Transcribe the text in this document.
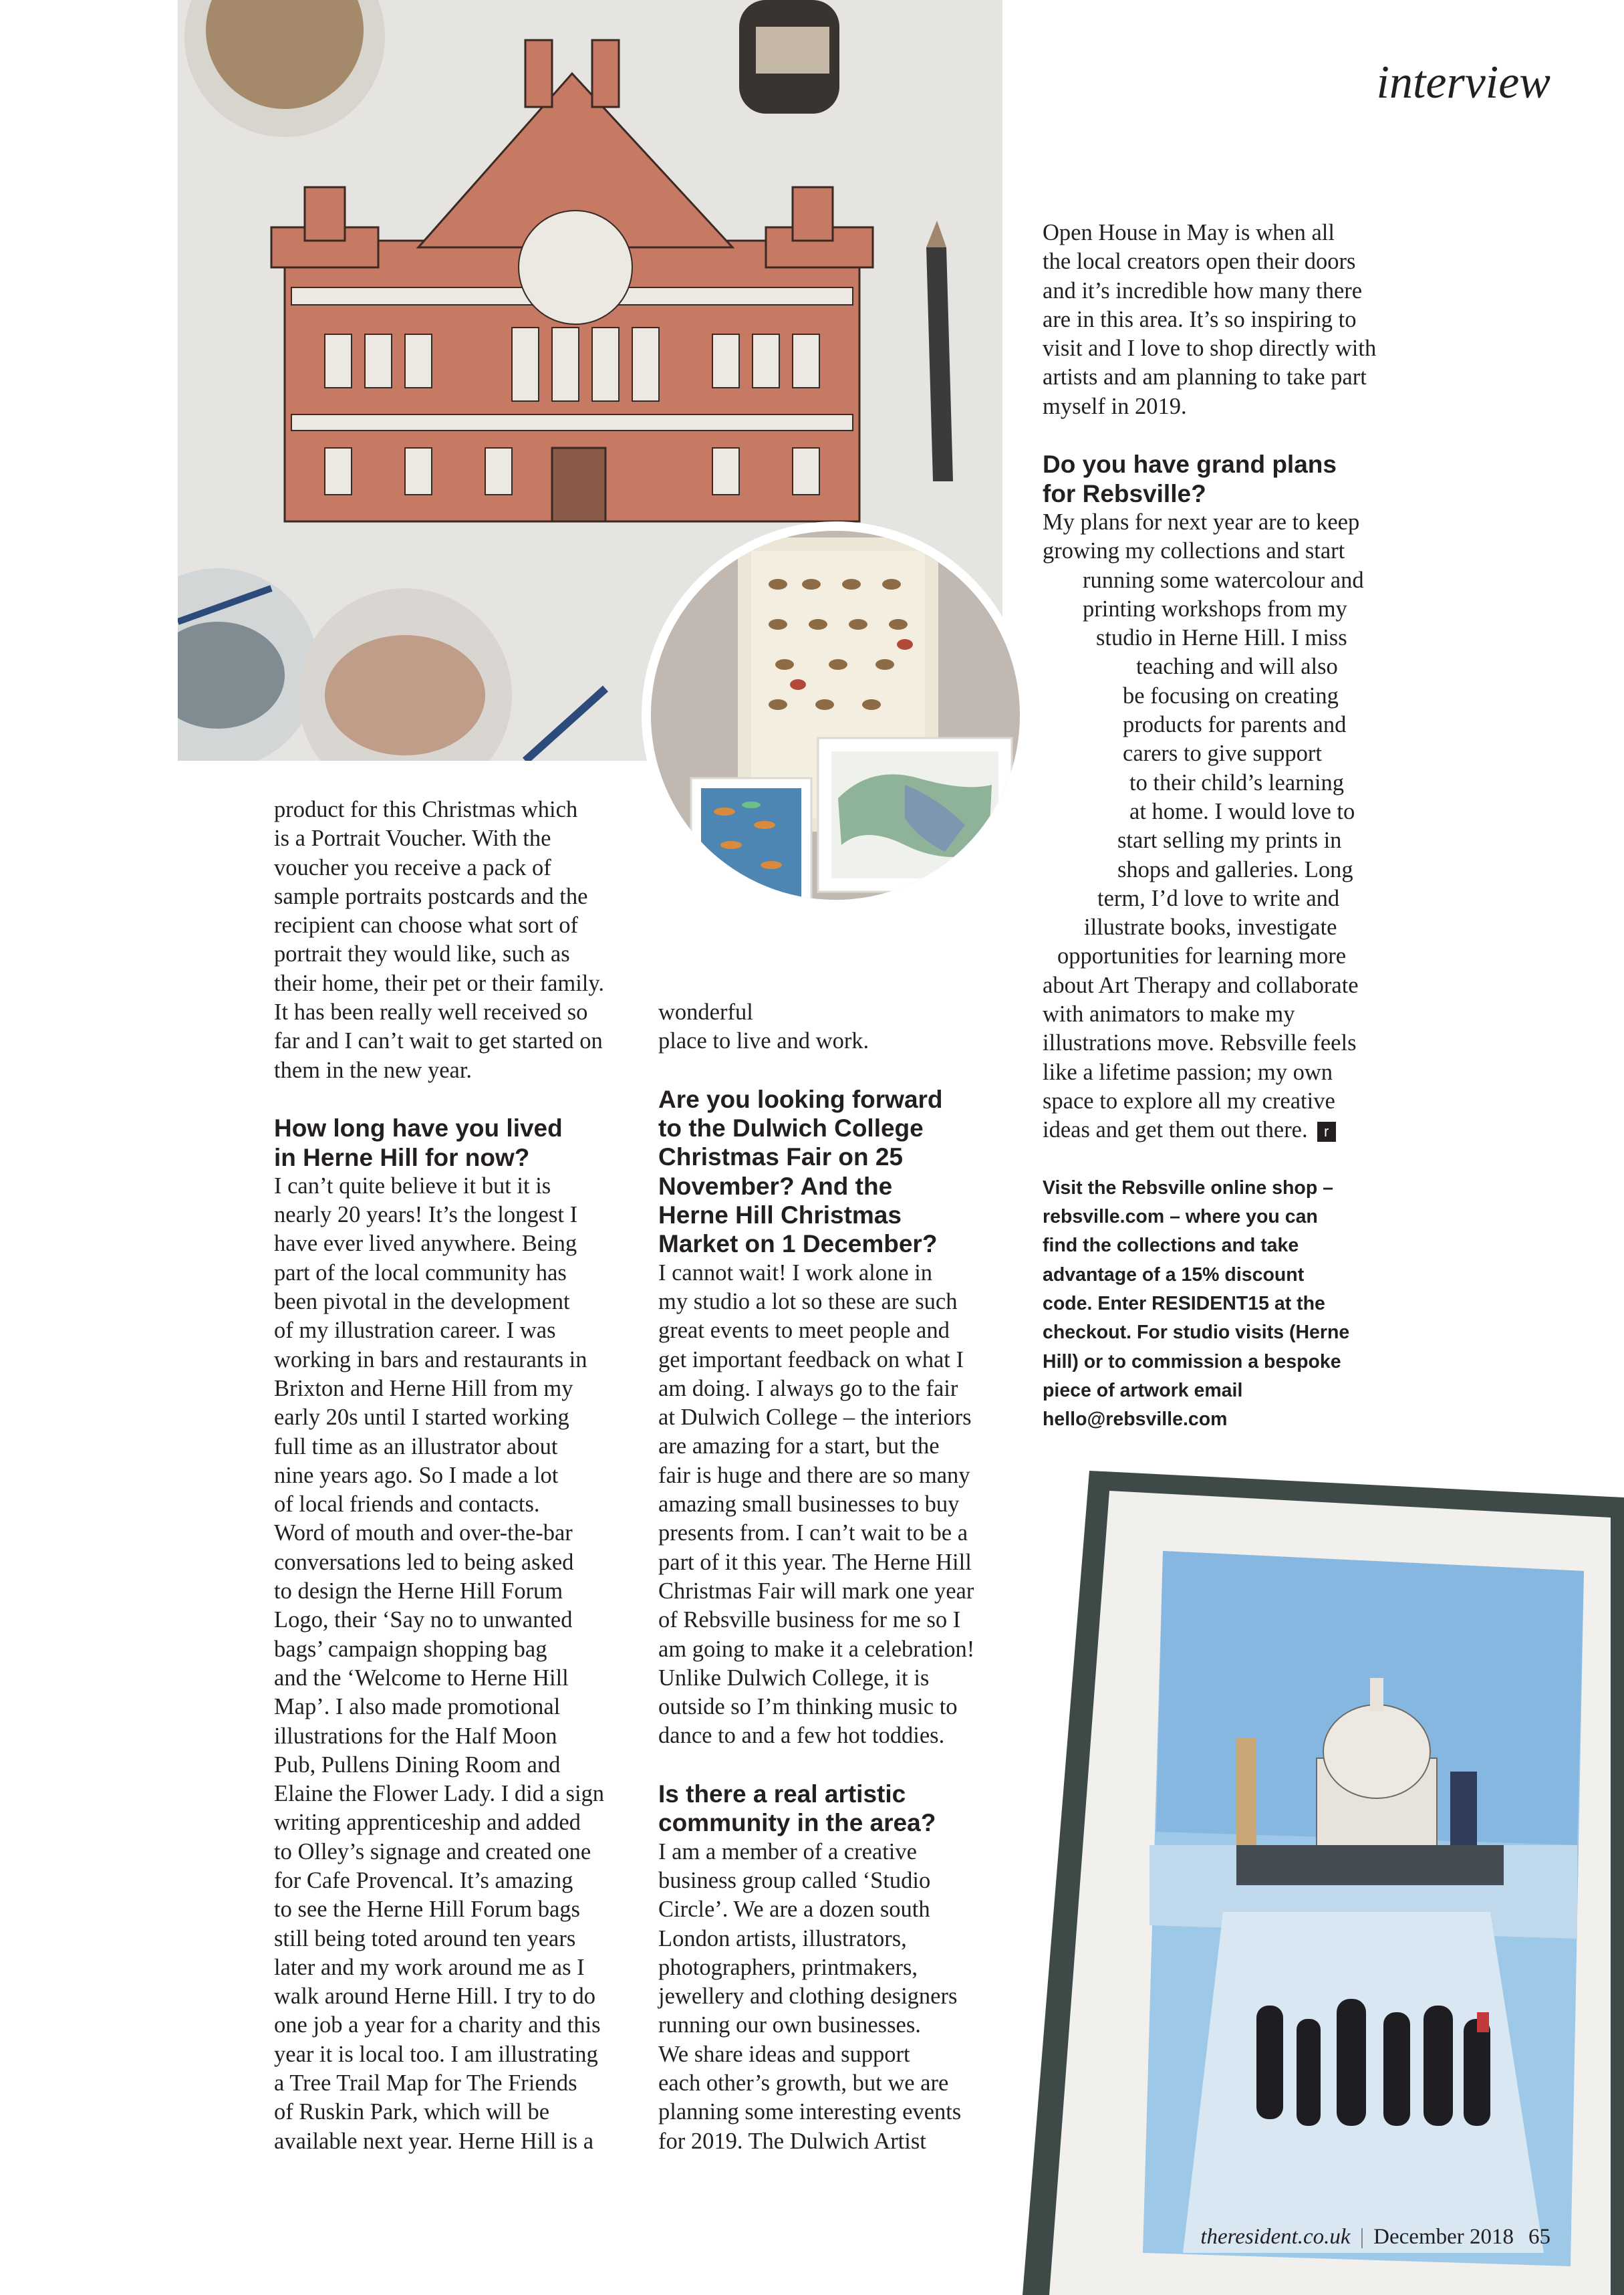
interview
product for this Christmas which
is a Portrait Voucher. With the
voucher you receive a pack of
sample portraits postcards and the
recipient can choose what sort of
portrait they would like, such as
their home, their pet or their family.
It has been really well received so
far and I can’t wait to get started on
them in the new year.
How long have you lived
in Herne Hill for now?
I can’t quite believe it but it is
nearly 20 years! It’s the longest I
have ever lived anywhere. Being
part of the local community has
been pivotal in the development
of my illustration career. I was
working in bars and restaurants in
Brixton and Herne Hill from my
early 20s until I started working
full time as an illustrator about
nine years ago. So I made a lot
of local friends and contacts.
Word of mouth and over-the-bar
conversations led to being asked
to design the Herne Hill Forum
Logo, their ‘Say no to unwanted
bags’ campaign shopping bag
and the ‘Welcome to Herne Hill
Map’. I also made promotional
illustrations for the Half Moon
Pub, Pullens Dining Room and
Elaine the Flower Lady. I did a sign
writing apprenticeship and added
to Olley’s signage and created one
for Cafe Provencal. It’s amazing
to see the Herne Hill Forum bags
still being toted around ten years
later and my work around me as I
walk around Herne Hill. I try to do
one job a year for a charity and this
year it is local too. I am illustrating
a Tree Trail Map for The Friends
of Ruskin Park, which will be
available next year. Herne Hill is a
wonderful
place to live and work.
Are you looking forward
to the Dulwich College
Christmas Fair on 25
November? And the
Herne Hill Christmas
Market on 1 December?
I cannot wait! I work alone in
my studio a lot so these are such
great events to meet people and
get important feedback on what I
am doing. I always go to the fair
at Dulwich College – the interiors
are amazing for a start, but the
fair is huge and there are so many
amazing small businesses to buy
presents from. I can’t wait to be a
part of it this year. The Herne Hill
Christmas Fair will mark one year
of Rebsville business for me so I
am going to make it a celebration!
Unlike Dulwich College, it is
outside so I’m thinking music to
dance to and a few hot toddies.
Is there a real artistic
community in the area?
I am a member of a creative
business group called ‘Studio
Circle’. We are a dozen south
London artists, illustrators,
photographers, printmakers,
jewellery and clothing designers
running our own businesses.
We share ideas and support
each other’s growth, but we are
planning some interesting events
for 2019. The Dulwich Artist
Open House in May is when all
the local creators open their doors
and it’s incredible how many there
are in this area. It’s so inspiring to
visit and I love to shop directly with
artists and am planning to take part
myself in 2019.
Do you have grand plans
for Rebsville?
My plans for next year are to keep
growing my collections and start
running some watercolour and
printing workshops from my
studio in Herne Hill. I miss
teaching and will also
be focusing on creating
products for parents and
carers to give support
to their child’s learning
at home. I would love to
start selling my prints in
shops and galleries. Long
term, I’d love to write and
illustrate books, investigate
opportunities for learning more
about Art Therapy and collaborate
with animators to make my
illustrations move. Rebsville feels
like a lifetime passion; my own
space to explore all my creative
ideas and get them out there. r
Visit the Rebsville online shop –
rebsville.com – where you can
find the collections and take
advantage of a 15% discount
code. Enter RESIDENT15 at the
checkout. For studio visits (Herne
Hill) or to commission a bespoke
piece of artwork email
hello@rebsville.com
theresident.co.uk | December 2018 65
